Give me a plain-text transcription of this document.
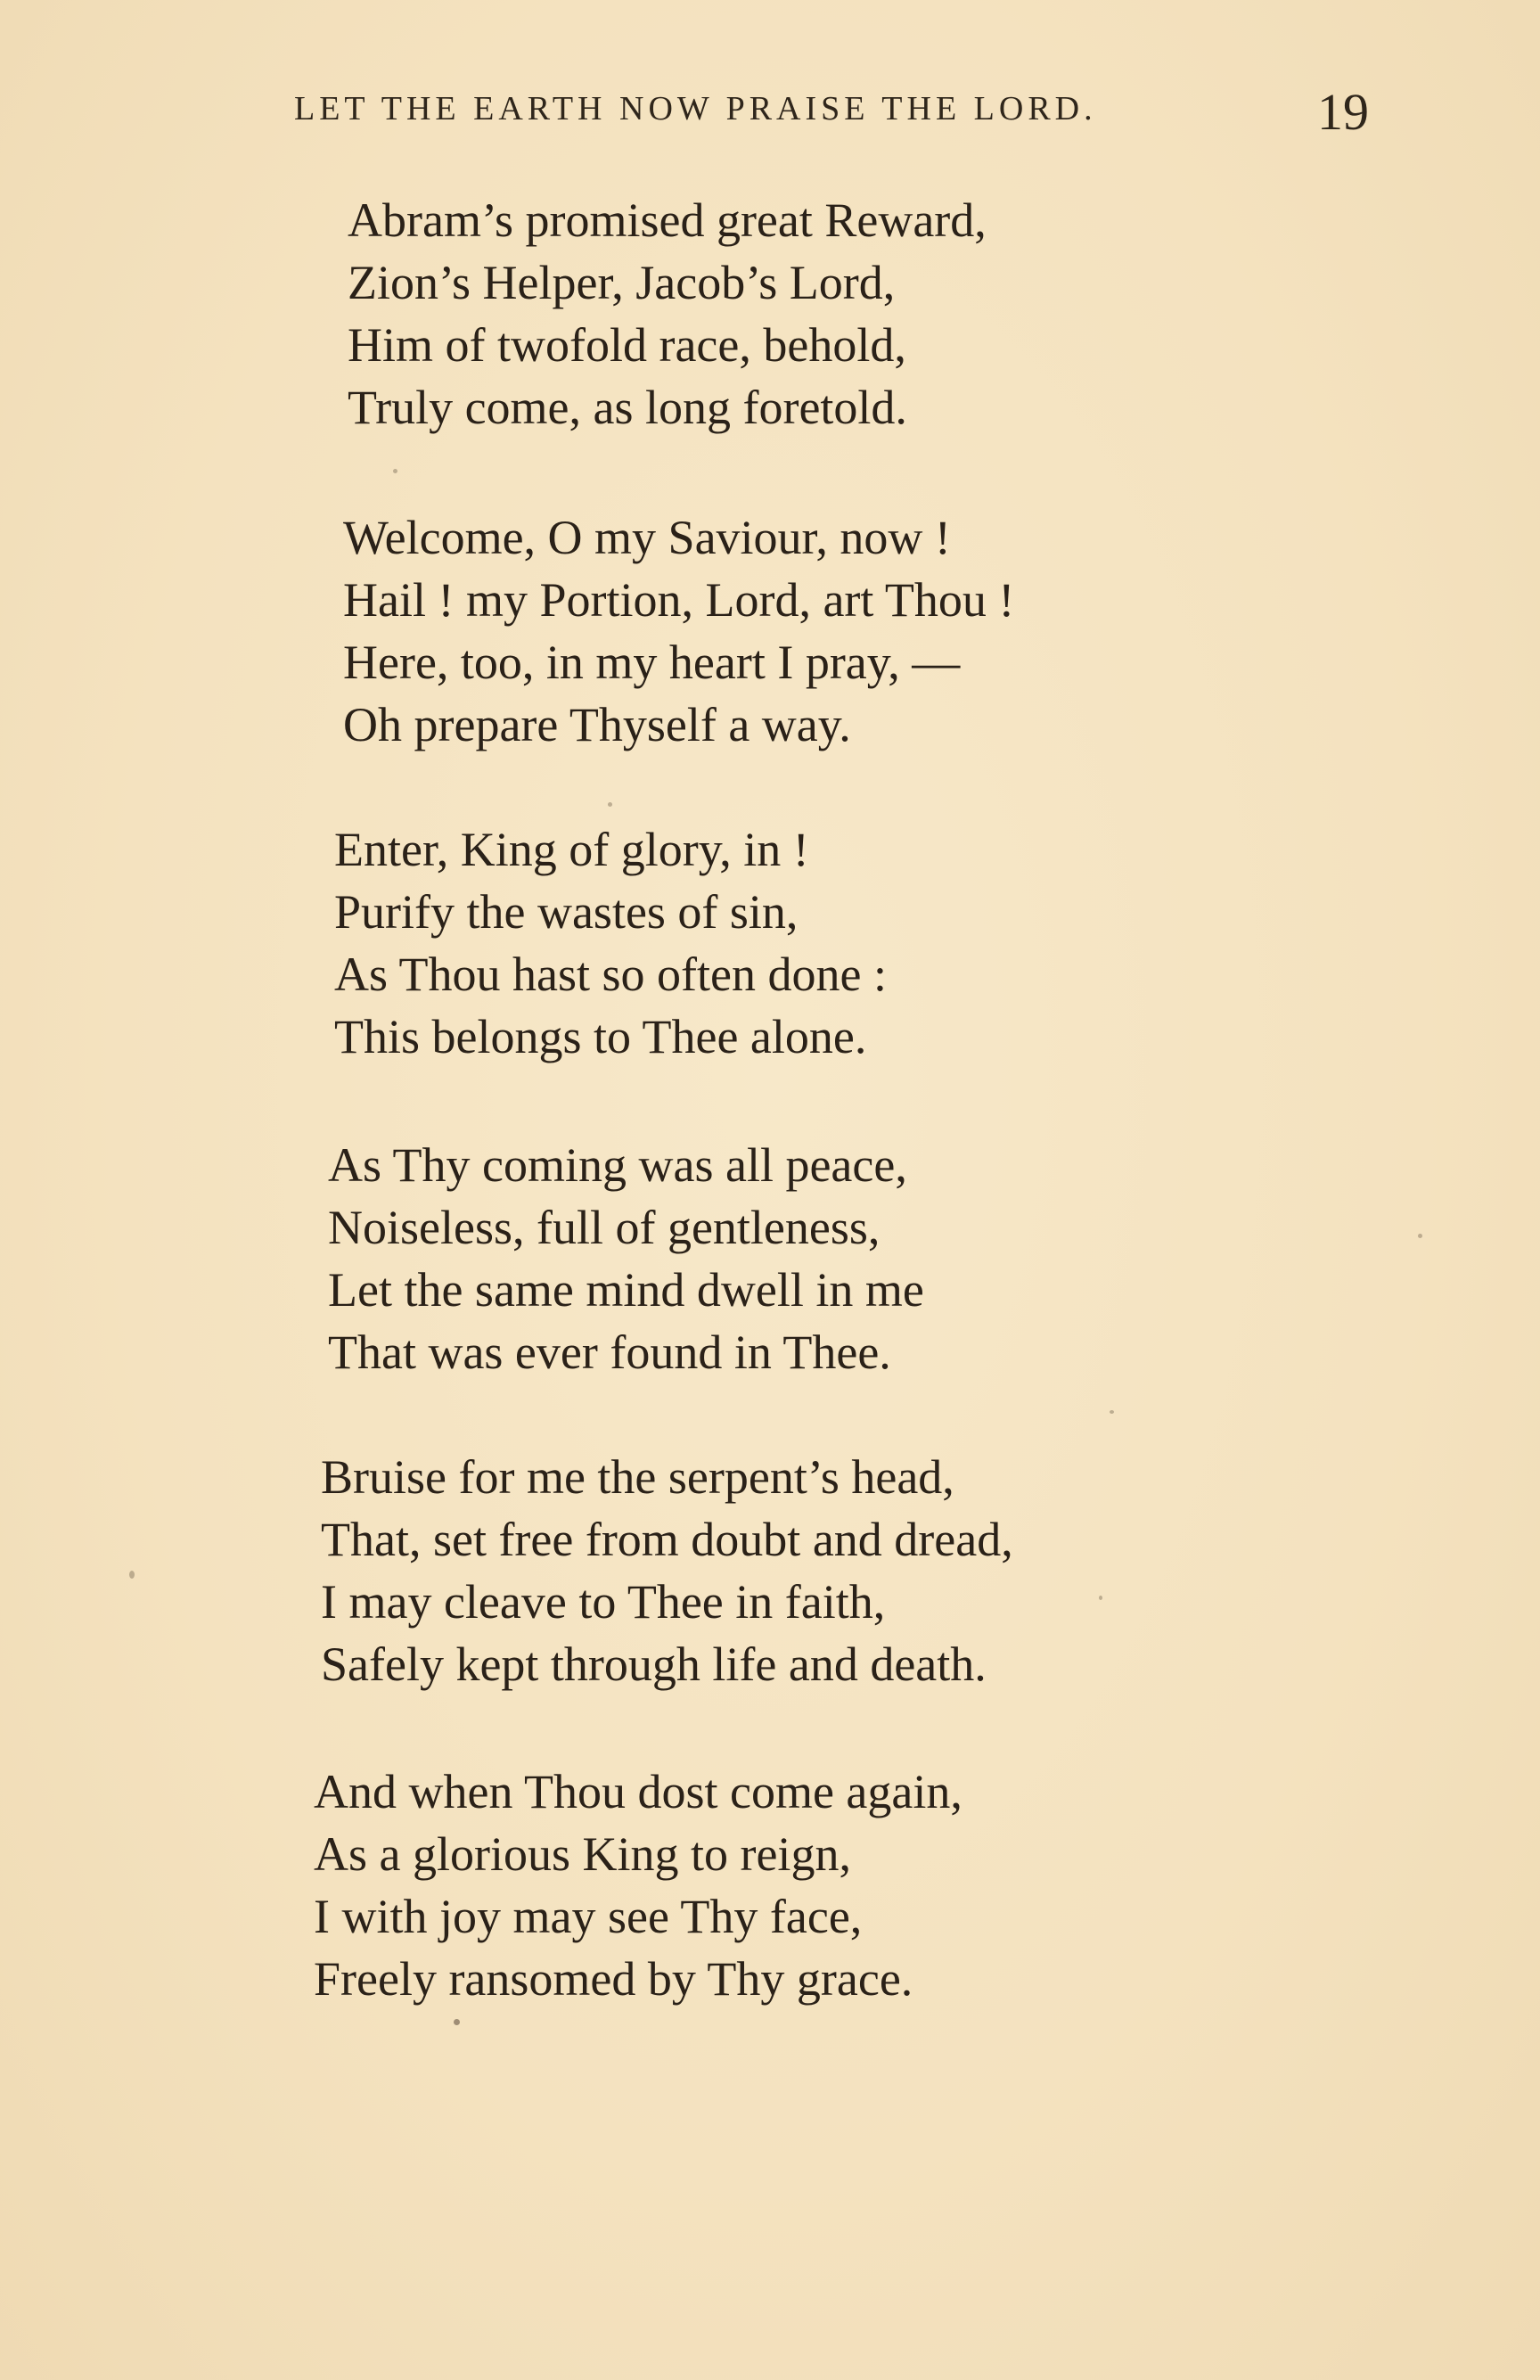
LET THE EARTH NOW PRAISE THE LORD.	19
Abram’s promised great Reward,
Zion’s Helper, Jacob’s Lord,
Him of twofold race, behold,
Truly come, as long foretold.
Welcome, O my Saviour, now !
Hail ! my Portion, Lord, art Thou !
Here, too, in my heart I pray, —
Oh prepare Thyself a way.
Enter, King of glory, in !
Purify the wastes of sin,
As Thou hast so often done :
This belongs to Thee alone.
As Thy coming was all peace,
Noiseless, full of gentleness,
Let the same mind dwell in me
That was ever found in Thee.
Bruise for me the serpent’s head,
That, set free from doubt and dread,
I may cleave to Thee in faith,
Safely kept through life and death.
And when Thou dost come again,
As a glorious King to reign,
I with joy may see Thy face,
Freely ransomed by Thy grace.
